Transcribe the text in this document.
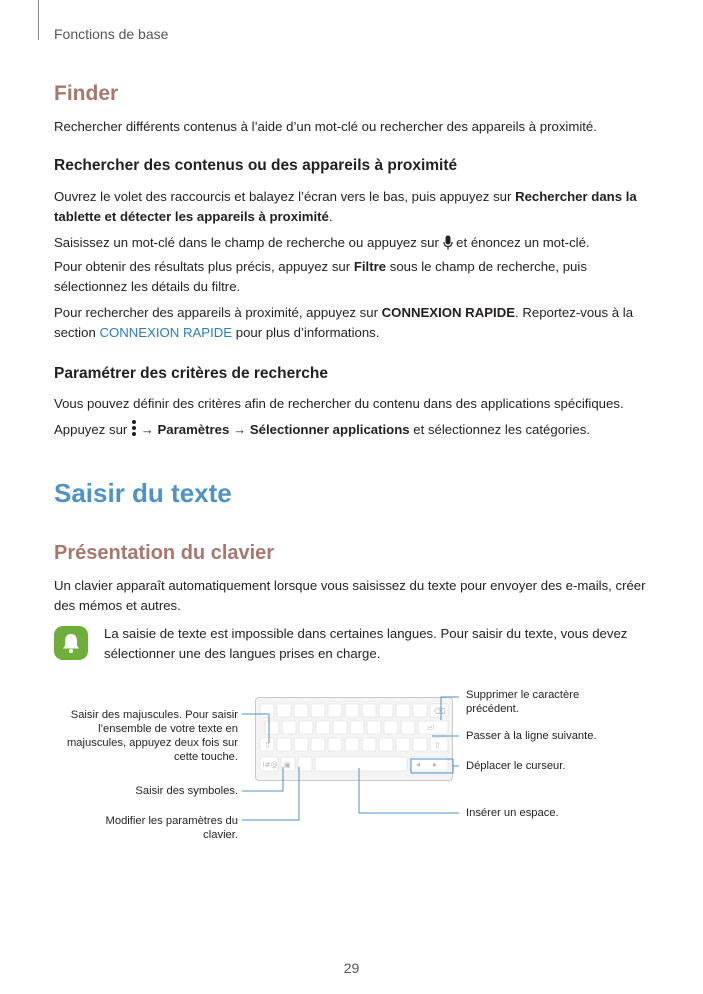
Fonctions de base
Finder
Rechercher différents contenus à l’aide d’un mot-clé ou rechercher des appareils à proximité.
Rechercher des contenus ou des appareils à proximité
Ouvrez le volet des raccourcis et balayez l’écran vers le bas, puis appuyez sur Rechercher dans la tablette et détecter les appareils à proximité.
Saisissez un mot-clé dans le champ de recherche ou appuyez sur  et énoncez un mot-clé.
Pour obtenir des résultats plus précis, appuyez sur Filtre sous le champ de recherche, puis sélectionnez les détails du filtre.
Pour rechercher des appareils à proximité, appuyez sur CONNEXION RAPIDE. Reportez-vous à la section CONNEXION RAPIDE pour plus d’informations.
Paramétrer des critères de recherche
Vous pouvez définir des critères afin de rechercher du contenu dans des applications spécifiques.
Appuyez sur  → Paramètres → Sélectionner applications et sélectionnez les catégories.
Saisir du texte
Présentation du clavier
Un clavier apparaît automatiquement lorsque vous saisissez du texte pour envoyer des e-mails, créer des mémos et autres.
La saisie de texte est impossible dans certaines langues. Pour saisir du texte, vous devez sélectionner une des langues prises en charge.
⌫
⏎
⇧	⇧
!#@ ▣	◂ ▸
Saisir des majuscules. Pour saisir l’ensemble de votre texte en majuscules, appuyez deux fois sur cette touche.
Saisir des symboles.
Modifier les paramètres du clavier.
Supprimer le caractère précédent.
Passer à la ligne suivante.
Déplacer le curseur.
Insérer un espace.
29
